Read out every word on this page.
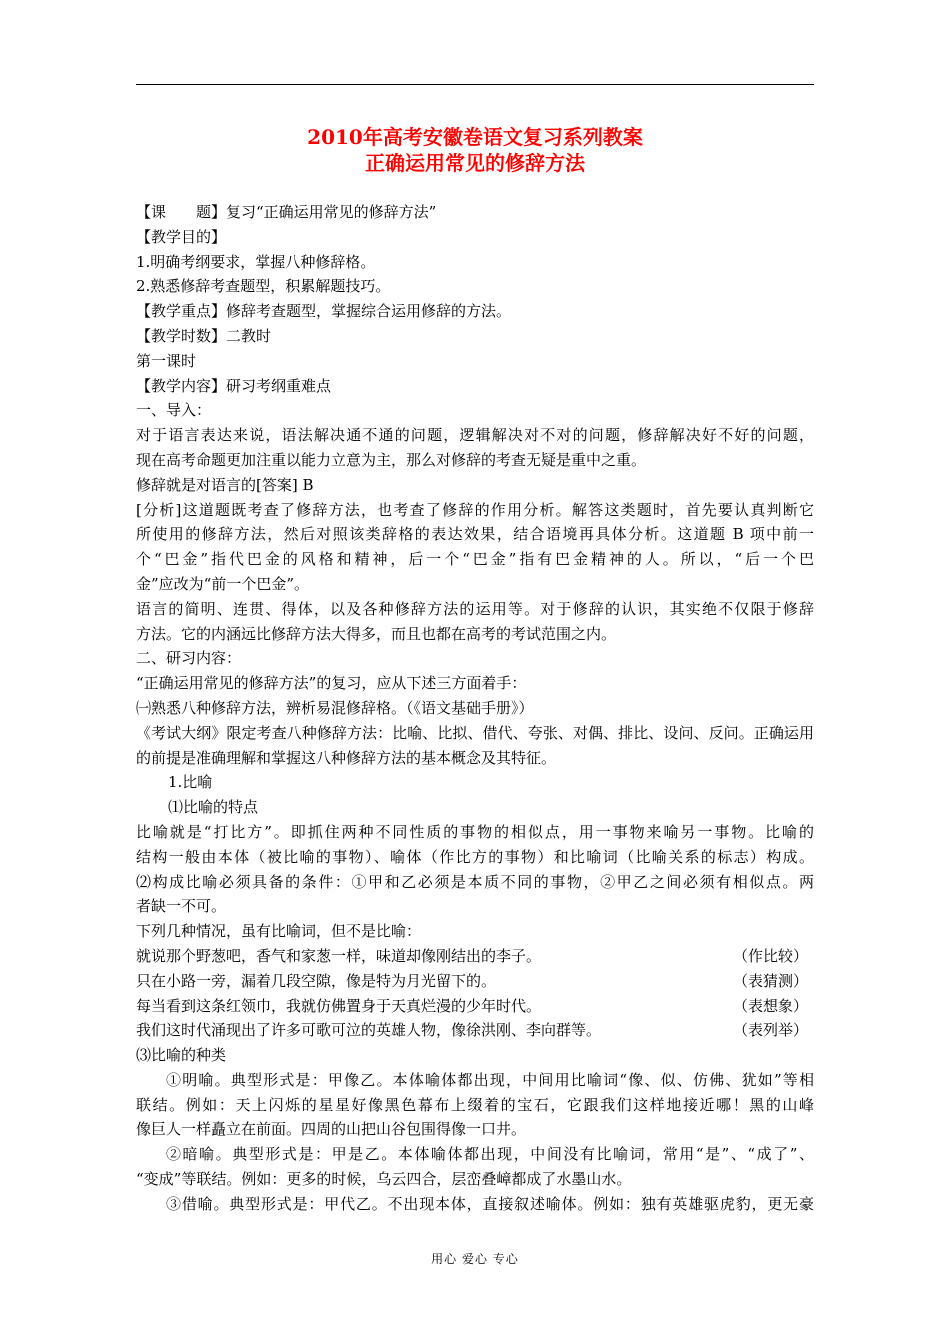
2010年高考安徽卷语文复习系列教案
正确运用常见的修辞方法
【课　　题】复习“正确运用常见的修辞方法”
【教学目的】
1.明确考纲要求，掌握八种修辞格。
2.熟悉修辞考查题型，积累解题技巧。
【教学重点】修辞考查题型，掌握综合运用修辞的方法。
【教学时数】二教时
第一课时
【教学内容】研习考纲重难点
一、导入：
对于语言表达来说，语法解决通不通的问题，逻辑解决对不对的问题，修辞解决好不好的问题，
现在高考命题更加注重以能力立意为主，那么对修辞的考查无疑是重中之重。
修辞就是对语言的[答案] B
[分析]这道题既考查了修辞方法，也考查了修辞的作用分析。解答这类题时，首先要认真判断它
所使用的修辞方法，然后对照该类辞格的表达效果，结合语境再具体分析。这道题 B 项中前一
个“巴金”指代巴金的风格和精神，后一个“巴金”指有巴金精神的人。所以，“后一个巴
金”应改为“前一个巴金”。
语言的简明、连贯、得体，以及各种修辞方法的运用等。对于修辞的认识，其实绝不仅限于修辞
方法。它的内涵远比修辞方法大得多，而且也都在高考的考试范围之内。
二、研习内容：
“正确运用常见的修辞方法”的复习，应从下述三方面着手：
㈠熟悉八种修辞方法，辨析易混修辞格。（《语文基础手册》）
《考试大纲》限定考查八种修辞方法：比喻、比拟、借代、夸张、对偶、排比、设问、反问。正确运用
的前提是准确理解和掌握这八种修辞方法的基本概念及其特征。
1.比喻
⑴比喻的特点
比喻就是“打比方”。即抓住两种不同性质的事物的相似点，用一事物来喻另一事物。比喻的
结构一般由本体（被比喻的事物）、喻体（作比方的事物）和比喻词（比喻关系的标志）构成。
⑵构成比喻必须具备的条件：①甲和乙必须是本质不同的事物，②甲乙之间必须有相似点。两
者缺一不可。
下列几种情况，虽有比喻词，但不是比喻：
就说那个野葱吧，香气和家葱一样，味道却像刚结出的李子。	（作比较）
只在小路一旁，漏着几段空隙，像是特为月光留下的。	（表猜测）
每当看到这条红领巾，我就仿佛置身于天真烂漫的少年时代。	（表想象）
我们这时代涌现出了许多可歌可泣的英雄人物，像徐洪刚、李向群等。	（表列举）
⑶比喻的种类
①明喻。典型形式是：甲像乙。本体喻体都出现，中间用比喻词“像、似、仿佛、犹如”等相
联结。例如：天上闪烁的星星好像黑色幕布上缀着的宝石，它跟我们这样地接近哪！黑的山峰
像巨人一样矗立在前面。四周的山把山谷包围得像一口井。
②暗喻。典型形式是：甲是乙。本体喻体都出现，中间没有比喻词，常用“是”、“成了”、
“变成”等联结。例如：更多的时候，乌云四合，层峦叠嶂都成了水墨山水。
③借喻。典型形式是：甲代乙。不出现本体，直接叙述喻体。例如：独有英雄驱虎豹，更无豪
用心 爱心 专心
